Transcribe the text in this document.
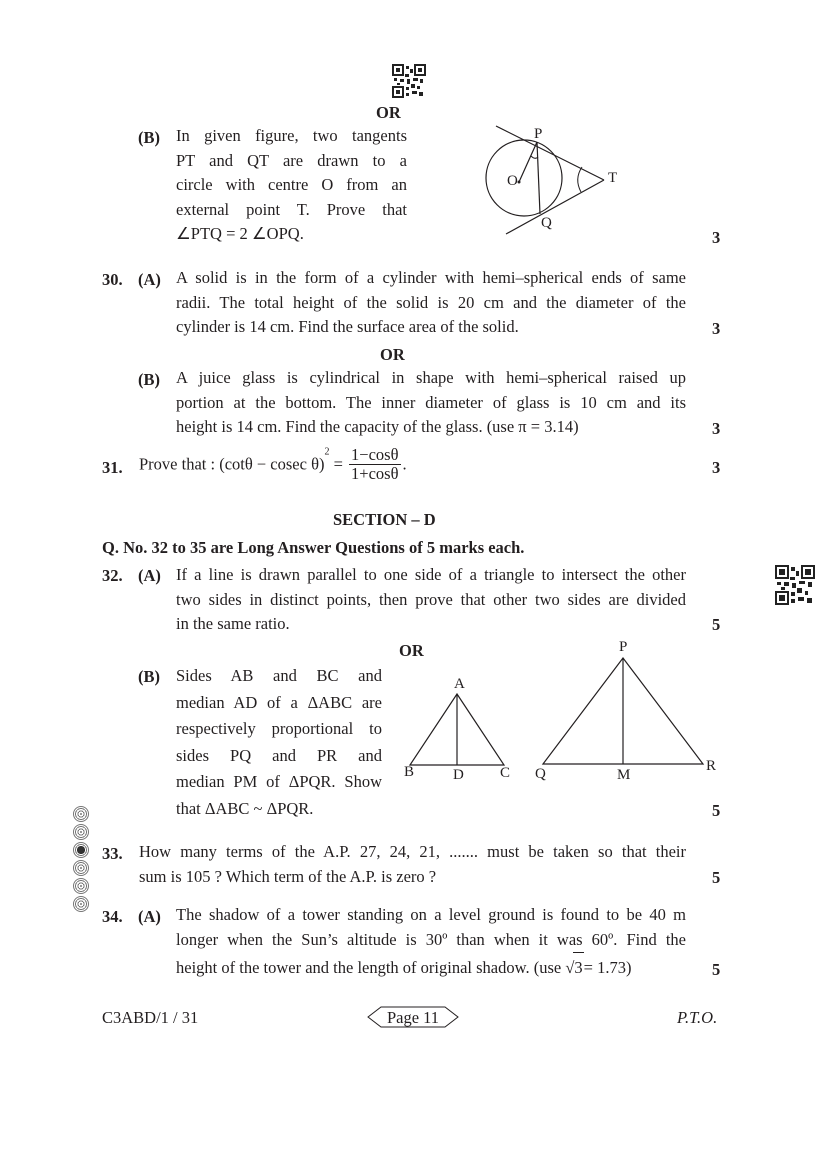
OR
(B) In given figure, two tangents
PT and QT are drawn to a
circle with centre O from an
external point T. Prove that
∠PTQ = 2 ∠OPQ.	3
P
O	T
Q
30. (A) A solid is in the form of a cylinder with hemi–spherical ends of same
radii. The total height of the solid is 20 cm and the diameter of the
cylinder is 14 cm. Find the surface area of the solid.	3
OR
(B) A juice glass is cylindrical in shape with hemi–spherical raised up
portion at the bottom. The inner diameter of glass is 10 cm and its
height is 14 cm. Find the capacity of the glass. (use π = 3.14)	3
31. Prove that : (cotθ − cosec $\theta)^2 = \frac{1-\cos\theta}{1+\cos\theta}$ .	3
SECTION – D
Q. No. 32 to 35 are Long Answer Questions of 5 marks each.
32. (A) If a line is drawn parallel to one side of a triangle to intersect the other
two sides in distinct points, then prove that other two sides are divided
in the same ratio.	5
OR
(B) Sides AB and BC and
median AD of a ΔABC are
respectively proportional to
sides PQ and PR and
median PM of ΔPQR. Show
that ΔABC ~ ΔPQR.	5
A
B	D C
P
Q	M
R
33. How many terms of the A.P. 27, 24, 21, ....... must be taken so that their
sum is 105 ? Which term of the A.P. is zero ?	5
34. (A) The shadow of a tower standing on a level ground is found to be 40 m
longer when the Sun’s altitude is 30º than when it was 60º. Find the
height of the tower and the length of original shadow. (use √3= 1.73)	5
C3ABD/1 / 31	Page 11	P.T.O.
